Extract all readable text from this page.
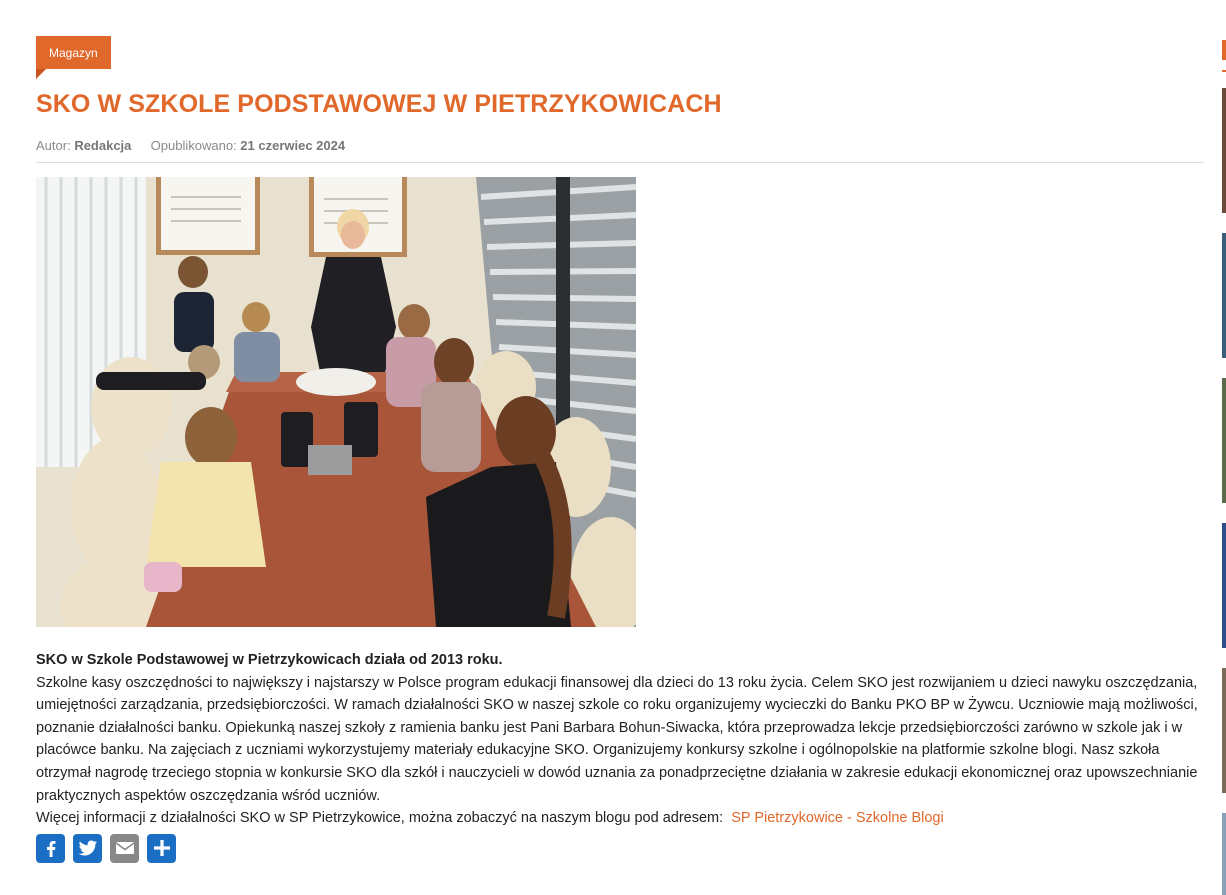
Magazyn
SKO W SZKOLE PODSTAWOWEJ W PIETRZYKOWICACH
Autor: Redakcja Opublikowano: 21 czerwiec 2024

SKO w Szkole Podstawowej w Pietrzykowicach działa od 2013 roku.

Szkolne kasy oszczędności to największy i najstarszy w Polsce program edukacji finansowej dla dzieci do 13 roku życia. Celem SKO jest rozwijaniem u dzieci nawyku oszczędzania, umiejętności zarządzania, przedsiębiorczości. W ramach działalności SKO w naszej szkole co roku organizujemy wycieczki do Banku PKO BP w Żywcu. Uczniowie mają możliwości, poznanie działalności banku. Opiekunką naszej szkoły z ramienia banku jest Pani Barbara Bohun-Siwacka, która przeprowadza lekcje przedsiębiorczości zarówno w szkole jak i w placówce banku. Na zajęciach z uczniami wykorzystujemy materiały edukacyjne SKO. Organizujemy konkursy szkolne i ogólnopolskie na platformie szkolne blogi. Nasz szkoła otrzymał nagrodę trzeciego stopnia w konkursie SKO dla szkół i nauczycieli w dowód uznania za ponadprzeciętne działania w zakresie edukacji ekonomicznej oraz upowszechnianie praktycznych aspektów oszczędzania wśród uczniów.

Więcej informacji z działalności SKO w SP Pietrzykowice, można zobaczyć na naszym blogu pod adresem: SP Pietrzykowice - Szkolne Blogi
